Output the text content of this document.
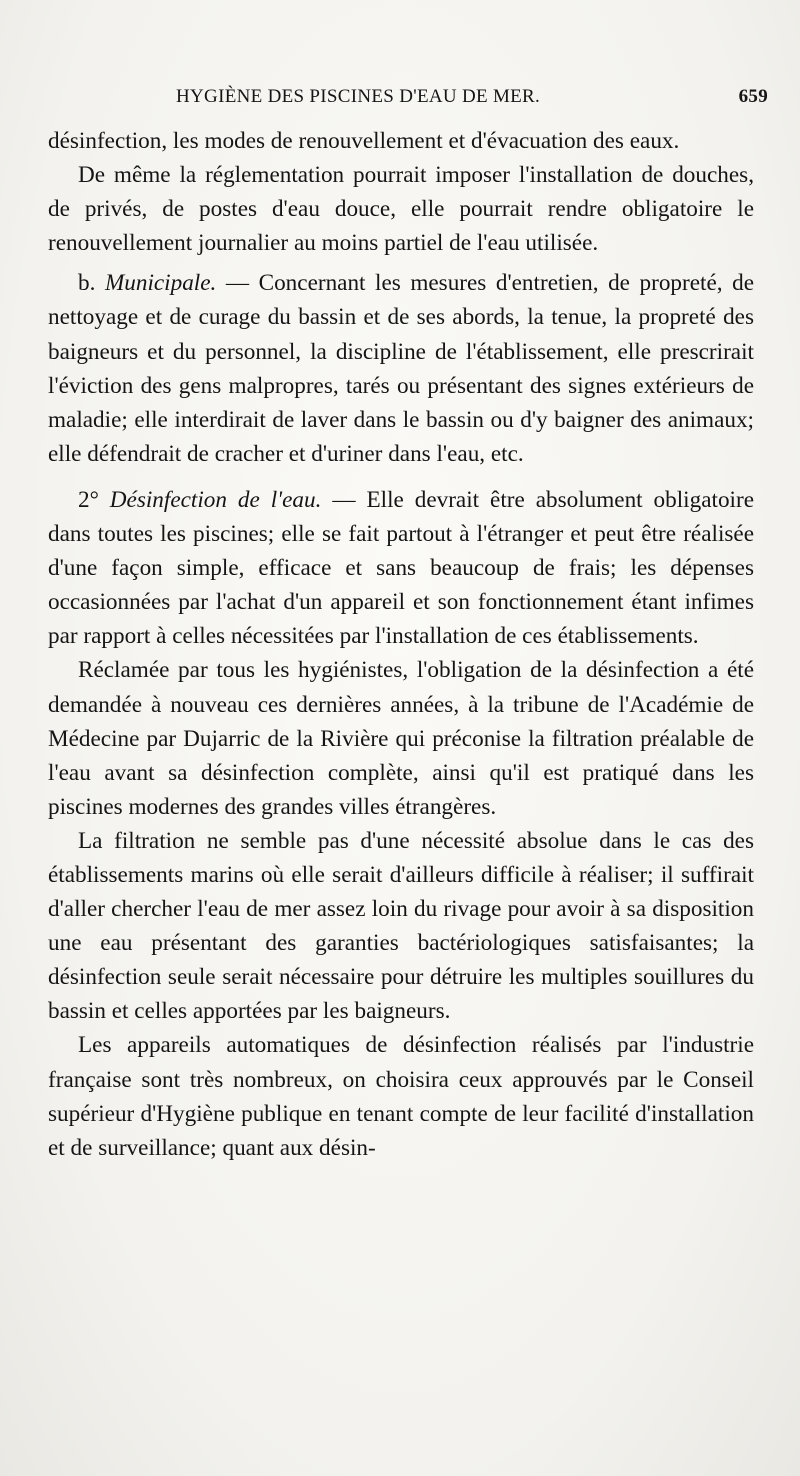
HYGIÈNE DES PISCINES D'EAU DE MER.	659

désinfection, les modes de renouvellement et d'évacuation des eaux.

De même la réglementation pourrait imposer l'installation de douches, de privés, de postes d'eau douce, elle pourrait rendre obligatoire le renouvellement journalier au moins partiel de l'eau utilisée.

b. Municipale. — Concernant les mesures d'entretien, de propreté, de nettoyage et de curage du bassin et de ses abords, la tenue, la propreté des baigneurs et du personnel, la discipline de l'établissement, elle prescrirait l'éviction des gens malpropres, tarés ou présentant des signes extérieurs de maladie; elle interdirait de laver dans le bassin ou d'y baigner des animaux; elle défendrait de cracher et d'uriner dans l'eau, etc.

2° Désinfection de l'eau. — Elle devrait être absolument obligatoire dans toutes les piscines; elle se fait partout à l'étranger et peut être réalisée d'une façon simple, efficace et sans beaucoup de frais; les dépenses occasionnées par l'achat d'un appareil et son fonctionnement étant infimes par rapport à celles nécessitées par l'installation de ces établissements.

Réclamée par tous les hygiénistes, l'obligation de la désinfection a été demandée à nouveau ces dernières années, à la tribune de l'Académie de Médecine par Dujarric de la Rivière qui préconise la filtration préalable de l'eau avant sa désinfection complète, ainsi qu'il est pratiqué dans les piscines modernes des grandes villes étrangères.

La filtration ne semble pas d'une nécessité absolue dans le cas des établissements marins où elle serait d'ailleurs difficile à réaliser; il suffirait d'aller chercher l'eau de mer assez loin du rivage pour avoir à sa disposition une eau présentant des garanties bactériologiques satisfaisantes; la désinfection seule serait nécessaire pour détruire les multiples souillures du bassin et celles apportées par les baigneurs.

Les appareils automatiques de désinfection réalisés par l'industrie française sont très nombreux, on choisira ceux approuvés par le Conseil supérieur d'Hygiène publique en tenant compte de leur facilité d'installation et de surveillance; quant aux désin-
